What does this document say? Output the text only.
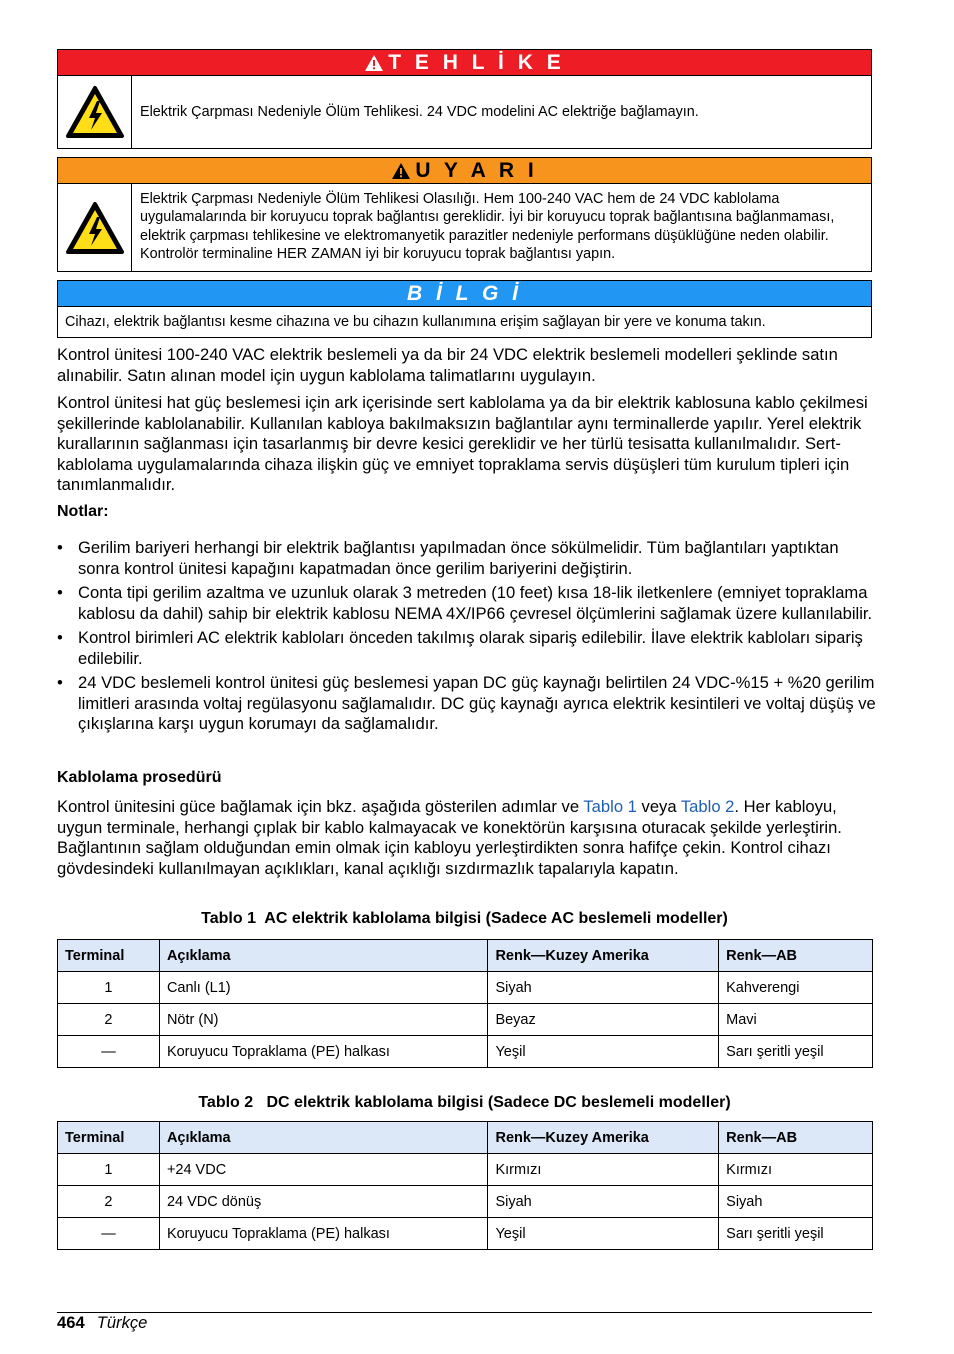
T E H L İ K E
Elektrik Çarpması Nedeniyle Ölüm Tehlikesi. 24 VDC modelini AC elektriğe bağlamayın.
U Y A R I
Elektrik Çarpması Nedeniyle Ölüm Tehlikesi Olasılığı. Hem 100-240 VAC hem de 24 VDC kablolama uygulamalarında bir koruyucu toprak bağlantısı gereklidir. İyi bir koruyucu toprak bağlantısına bağlanmaması, elektrik çarpması tehlikesine ve elektromanyetik parazitler nedeniyle performans düşüklüğüne neden olabilir. Kontrolör terminaline HER ZAMAN iyi bir koruyucu toprak bağlantısı yapın.
B İ L G İ
Cihazı, elektrik bağlantısı kesme cihazına ve bu cihazın kullanımına erişim sağlayan bir yere ve konuma takın.

Kontrol ünitesi 100-240 VAC elektrik beslemeli ya da bir 24 VDC elektrik beslemeli modelleri şeklinde satın alınabilir. Satın alınan model için uygun kablolama talimatlarını uygulayın.

Kontrol ünitesi hat güç beslemesi için ark içerisinde sert kablolama ya da bir elektrik kablosuna kablo çekilmesi şekillerinde kablolanabilir. Kullanılan kabloya bakılmaksızın bağlantılar aynı terminallerde yapılır. Yerel elektrik kurallarının sağlanması için tasarlanmış bir devre kesici gereklidir ve her türlü tesisatta kullanılmalıdır. Sert-kablolama uygulamalarında cihaza ilişkin güç ve emniyet topraklama servis düşüşleri tüm kurulum tipleri için tanımlanmalıdır.

Notlar:

• Gerilim bariyeri herhangi bir elektrik bağlantısı yapılmadan önce sökülmelidir. Tüm bağlantıları yaptıktan sonra kontrol ünitesi kapağını kapatmadan önce gerilim bariyerini değiştirin.
• Conta tipi gerilim azaltma ve uzunluk olarak 3 metreden (10 feet) kısa 18-lik iletkenlere (emniyet topraklama kablosu da dahil) sahip bir elektrik kablosu NEMA 4X/IP66 çevresel ölçümlerini sağlamak üzere kullanılabilir.
• Kontrol birimleri AC elektrik kabloları önceden takılmış olarak sipariş edilebilir. İlave elektrik kabloları sipariş edilebilir.
• 24 VDC beslemeli kontrol ünitesi güç beslemesi yapan DC güç kaynağı belirtilen 24 VDC-%15 + %20 gerilim limitleri arasında voltaj regülasyonu sağlamalıdır. DC güç kaynağı ayrıca elektrik kesintileri ve voltaj düşüş ve çıkışlarına karşı uygun korumayı da sağlamalıdır.

Kablolama prosedürü

Kontrol ünitesini güce bağlamak için bkz. aşağıda gösterilen adımlar ve Tablo 1 veya Tablo 2. Her kabloyu, uygun terminale, herhangi çıplak bir kablo kalmayacak ve konektörün karşısına oturacak şekilde yerleştirin. Bağlantının sağlam olduğundan emin olmak için kabloyu yerleştirdikten sonra hafifçe çekin. Kontrol cihazı gövdesindeki kullanılmayan açıklıkları, kanal açıklığı sızdırmazlık tapalarıyla kapatın.

Tablo 1  AC elektrik kablolama bilgisi (Sadece AC beslemeli modeller)
Terminal	Açıklama	Renk—Kuzey Amerika	Renk—AB
1	Canlı (L1)	Siyah	Kahverengi
2	Nötr (N)	Beyaz	Mavi
—	Koruyucu Topraklama (PE) halkası	Yeşil	Sarı şeritli yeşil
Tablo 2   DC elektrik kablolama bilgisi (Sadece DC beslemeli modeller)
Terminal	Açıklama	Renk—Kuzey Amerika	Renk—AB
1	+24 VDC	Kırmızı	Kırmızı
2	24 VDC dönüş	Siyah	Siyah
—	Koruyucu Topraklama (PE) halkası	Yeşil	Sarı şeritli yeşil
464 Türkçe
